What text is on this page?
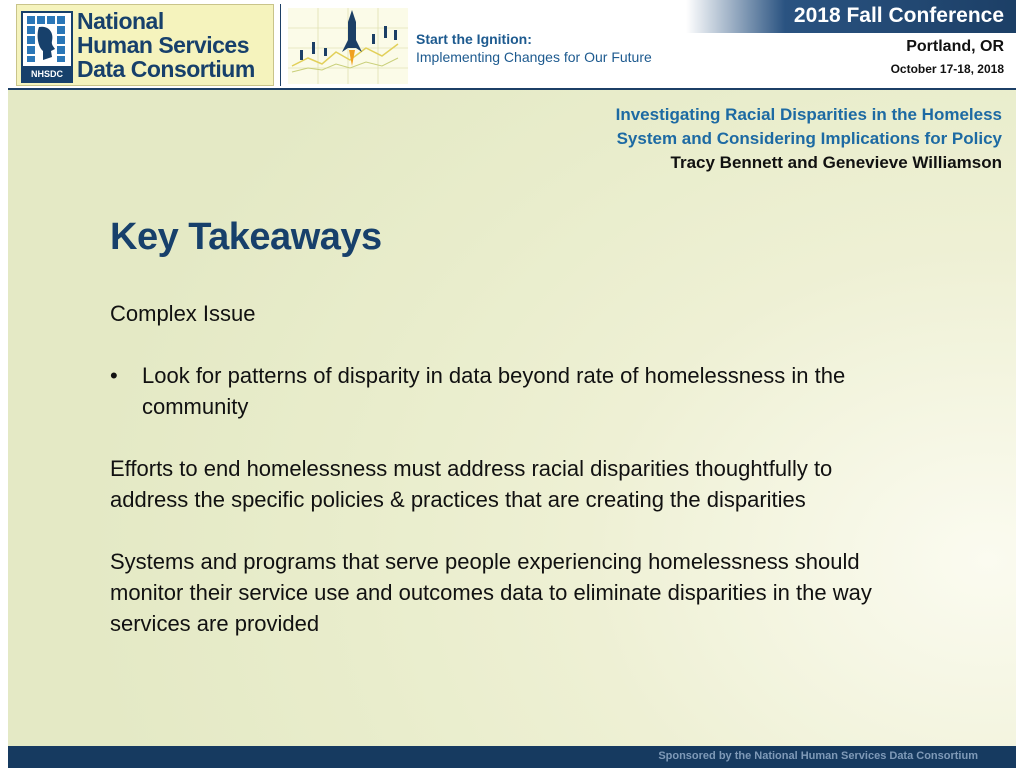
NHSDC
National
Human Services
Data Consortium
Start the Ignition:
Implementing Changes for Our Future
2018 Fall Conference
Portland, OR
October 17-18, 2018
Investigating Racial Disparities in the Homeless
System and Considering Implications for Policy
Tracy Bennett and Genevieve Williamson
Key Takeaways

Complex Issue

•	Look for patterns of disparity in data beyond rate of homelessness in the community

Efforts to end homelessness must address racial disparities thoughtfully to address the specific policies & practices that are creating the disparities

Systems and programs that serve people experiencing homelessness should monitor their service use and outcomes data to eliminate disparities in the way services are provided

Sponsored by the National Human Services Data Consortium
